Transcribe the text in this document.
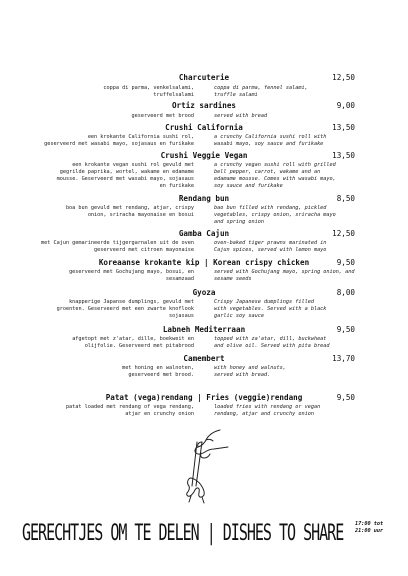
Charcuterie	12,50
coppa di parma, venkelsalami,
truffelsalami
coppa di parma, fennel salami,
truffle salami
Ortiz sardines	9,00
geserveerd met brood	served with bread
Crushi California	13,50
een krokante California sushi rol,
geserveerd met wasabi mayo, sojasaus en furikake
a crunchy California sushi roll with
wasabi mayo, soy sauce and furikake
Crushi Veggie Vegan	13,50
een krokante vegan sushi rol gevuld met
gegrilde paprika, wortel, wakame en edamame
mousse. Geserveerd met wasabi mayo, sojasaus
en furikake
a crunchy vegan sushi roll with grilled
bell pepper, carrot, wakame and an
edamame mousse. Comes with wasabi mayo,
soy sauce and furikake
Rendang bun	8,50
boa bun gevuld met rendang, atjar, crispy
onion, sriracha mayonaise en bosui
bao bun filled with rendang, pickled
vegetables, crispy onion, sriracha mayo
and spring onion
Gamba Cajun	12,50
met Cajun gemarineerde tijgergarnalen uit de oven
geserveerd met citroen mayonaise
oven-baked tiger prawns marinated in
Cajun spices, served with lemon mayo
Koreaanse krokante kip | Korean crispy chicken	9,50
geserveerd met Gochujang mayo, bosui, en
sesamzaad
served with Gochujang mayo, spring onion, and
sesame seeds
Gyoza	8,00
knapperige Japanse dumplings, gevuld met
groenten. Geserveerd met een zwarte knoflook
sojasaus
Crispy Japanese dumplings filled
with vegetables. Served with a black
garlic soy sauce
Labneh Mediterraan	9,50
afgetopt met z'atar, dille, boekweit en
olijfolie. Geserveerd met pitabrood
topped with za'atar, dill, buckwheat
and olive oil. Served with pita bread
Camembert	13,70
met honing en walnoten,
geserveerd met brood.
with honey and walnuts,
served with bread.
Patat (vega)rendang | Fries (veggie)rendang	9,50
patat loaded met rendang of vega rendang,
atjar en crunchy onion
loaded fries with rendang or vegan
rendang, atjar and crunchy onion
GERECHTJES OM TE DELEN | DISHES TO SHARE 17:00 tot
21:00 uur
